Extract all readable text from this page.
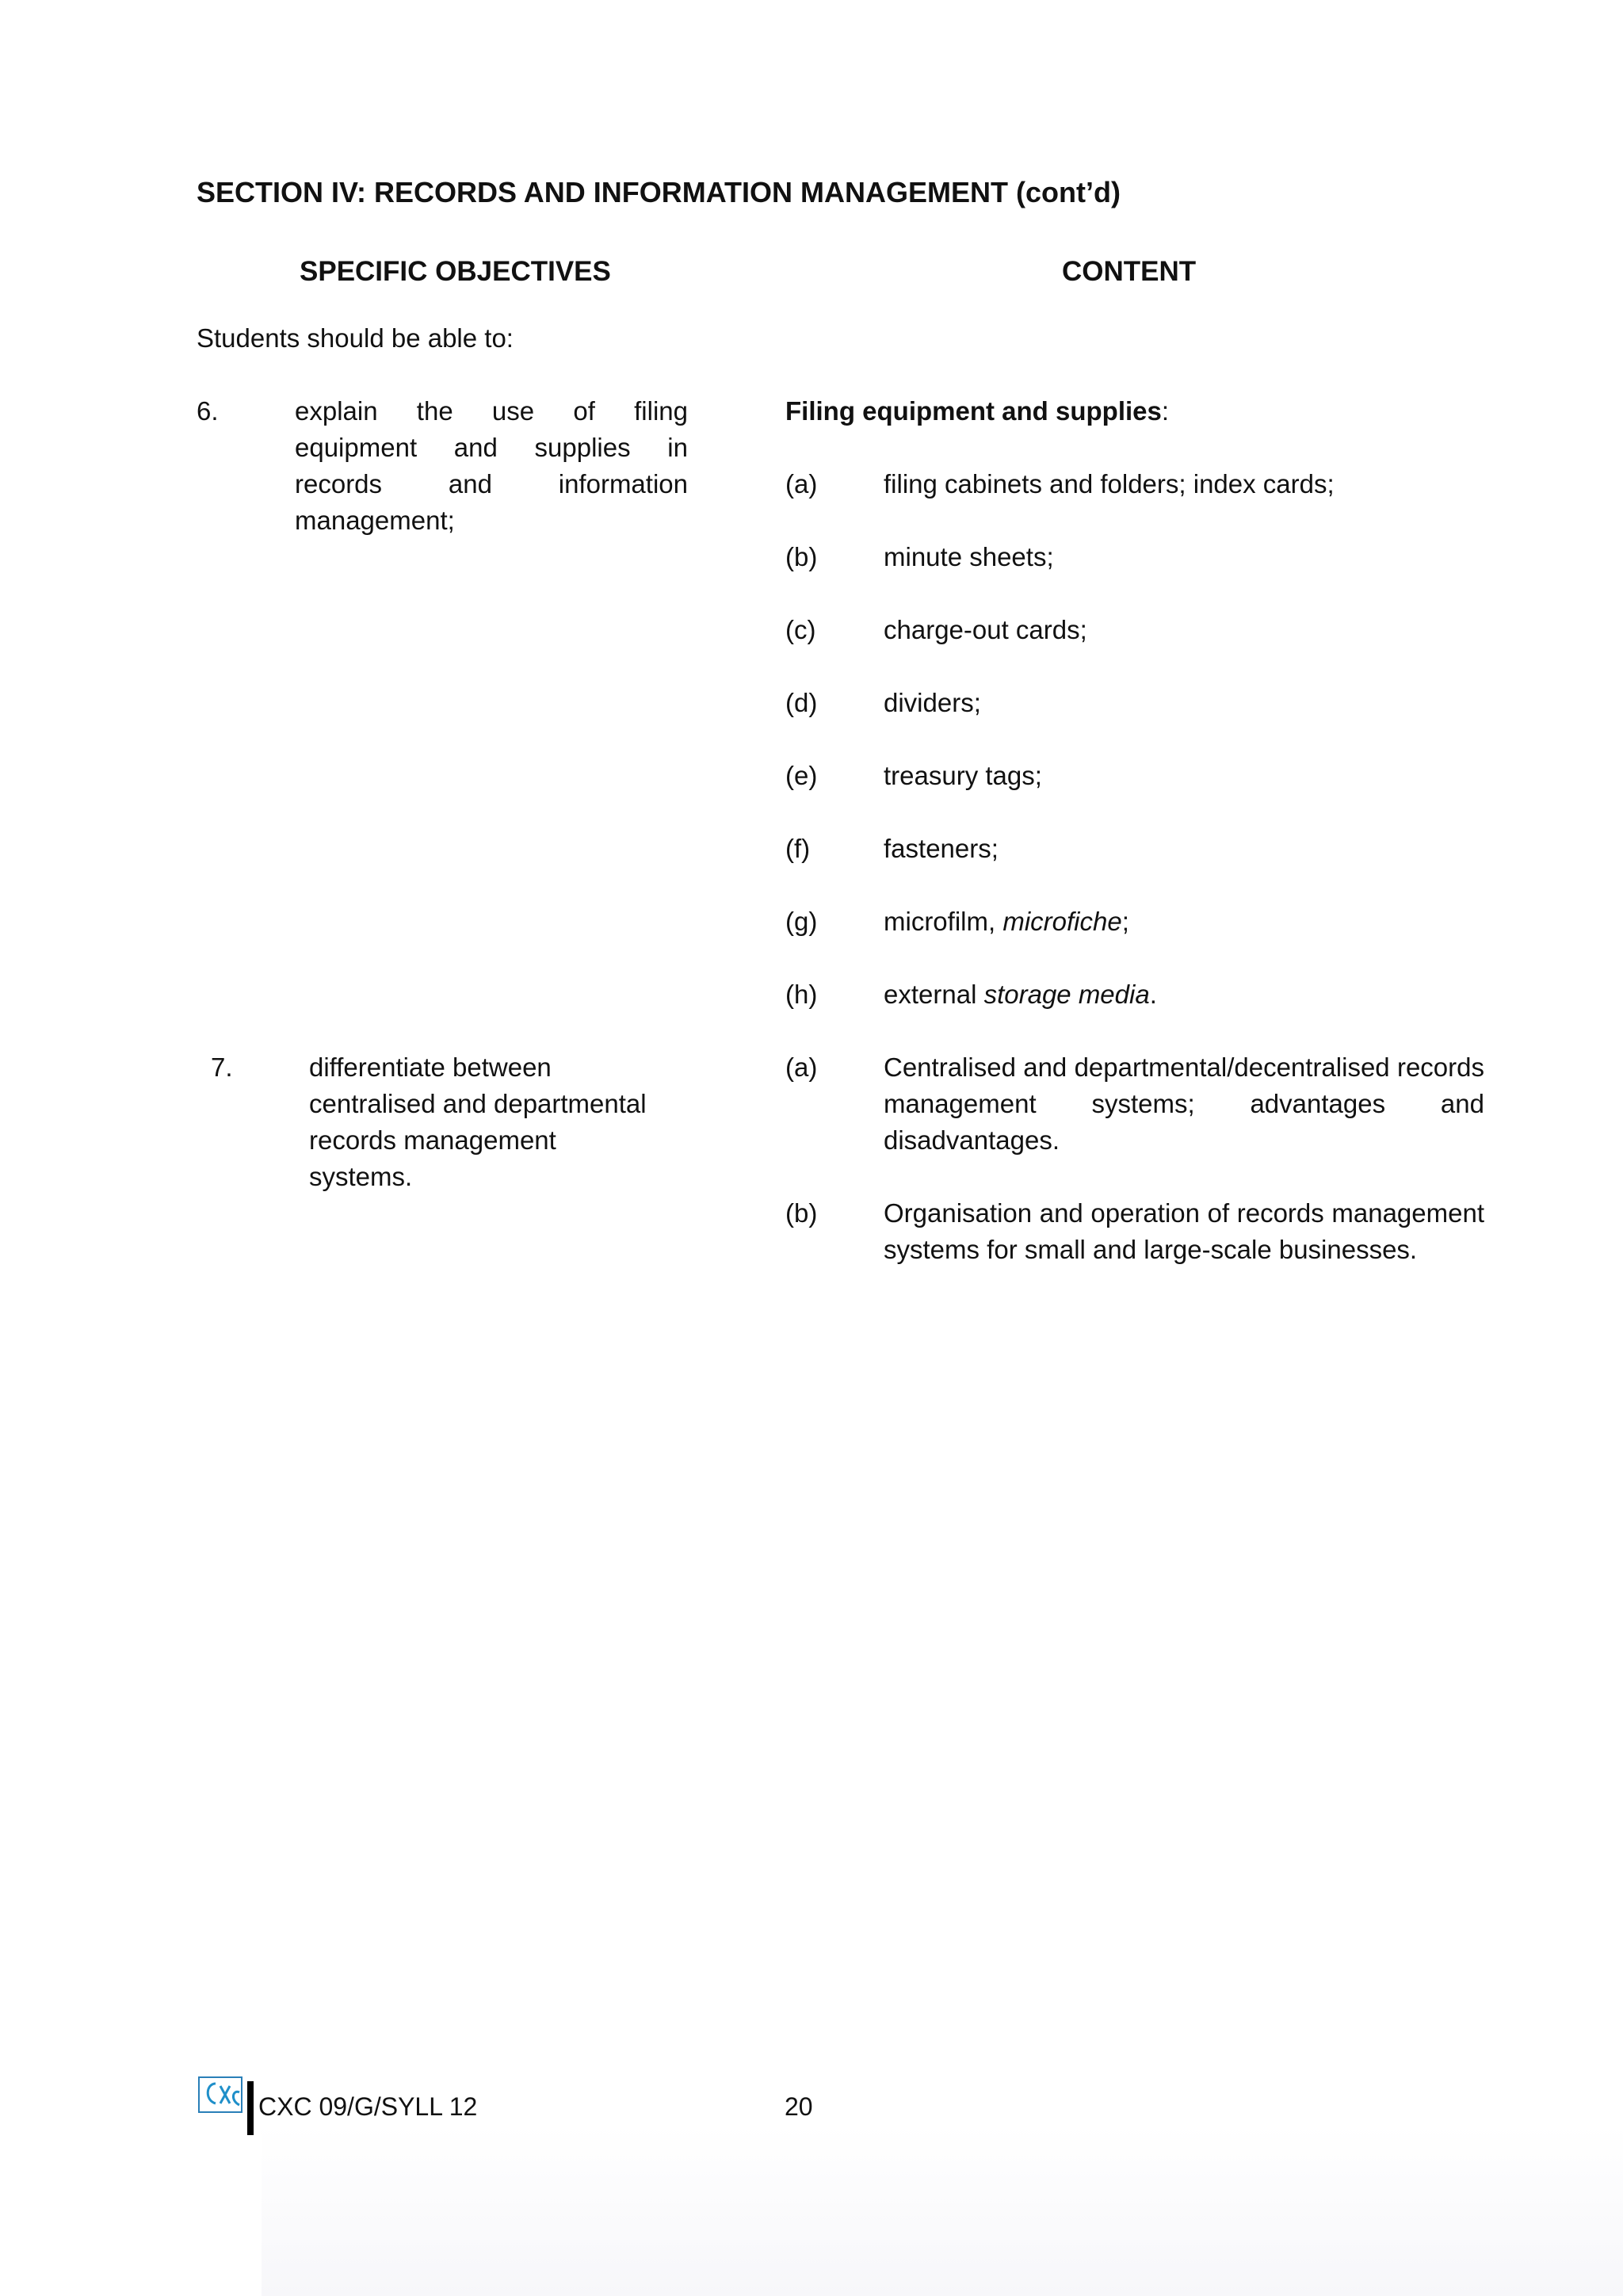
SECTION IV: RECORDS AND INFORMATION MANAGEMENT (cont’d)
SPECIFIC OBJECTIVES	CONTENT
Students should be able to:
6.	explain the use of filing equipment and supplies in records and information management;
Filing equipment and supplies:
(a)	filing cabinets and folders; index cards;
(b)	minute sheets;
(c)	charge-out cards;
(d)	dividers;
(e)	treasury tags;
(f)	fasteners;
(g)	microfilm, microfiche;
(h)	external storage media.
7.	differentiate between
centralised and departmental
records management
systems.
(a)	Centralised and departmental/decentralised records management systems; advantages and disadvantages.
(b)	Organisation and operation of records management systems for small and large-scale businesses.
CXC 09/G/SYLL 12	20
